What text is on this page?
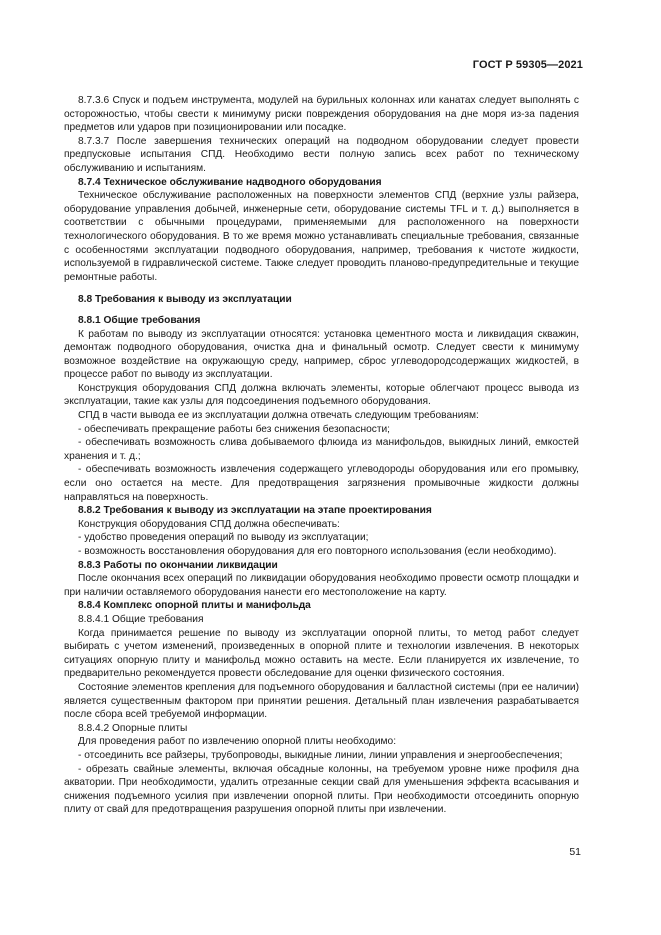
ГОСТ Р 59305—2021

8.7.3.6 Спуск и подъем инструмента, модулей на бурильных колоннах или канатах следует выполнять с осторожностью, чтобы свести к минимуму риски повреждения оборудования на дне моря из-за падения предметов или ударов при позиционировании или посадке.

8.7.3.7 После завершения технических операций на подводном оборудовании следует провести предпусковые испытания СПД. Необходимо вести полную запись всех работ по техническому обслуживанию и испытаниям.

8.7.4 Техническое обслуживание надводного оборудования

Техническое обслуживание расположенных на поверхности элементов СПД (верхние узлы райзера, оборудование управления добычей, инженерные сети, оборудование системы TFL и т. д.) выполняется в соответствии с обычными процедурами, применяемыми для расположенного на поверхности технологического оборудования. В то же время можно устанавливать специальные требования, связанные с особенностями эксплуатации подводного оборудования, например, требования к чистоте жидкости, используемой в гидравлической системе. Также следует проводить планово-предупредительные и текущие ремонтные работы.

8.8 Требования к выводу из эксплуатации

8.8.1 Общие требования

К работам по выводу из эксплуатации относятся: установка цементного моста и ликвидация скважин, демонтаж подводного оборудования, очистка дна и финальный осмотр. Следует свести к минимуму возможное воздействие на окружающую среду, например, сброс углеводородсодержащих жидкостей, в процессе работ по выводу из эксплуатации.

Конструкция оборудования СПД должна включать элементы, которые облегчают процесс вывода из эксплуатации, такие как узлы для подсоединения подъемного оборудования.

СПД в части вывода ее из эксплуатации должна отвечать следующим требованиям:

- обеспечивать прекращение работы без снижения безопасности;

- обеспечивать возможность слива добываемого флюида из манифольдов, выкидных линий, емкостей хранения и т. д.;

- обеспечивать возможность извлечения содержащего углеводороды оборудования или его промывку, если оно остается на месте. Для предотвращения загрязнения промывочные жидкости должны направляться на поверхность.

8.8.2 Требования к выводу из эксплуатации на этапе проектирования

Конструкция оборудования СПД должна обеспечивать:

- удобство проведения операций по выводу из эксплуатации;

- возможность восстановления оборудования для его повторного использования (если необходимо).

8.8.3 Работы по окончании ликвидации

После окончания всех операций по ликвидации оборудования необходимо провести осмотр площадки и при наличии оставляемого оборудования нанести его местоположение на карту.

8.8.4 Комплекс опорной плиты и манифольда

8.8.4.1 Общие требования

Когда принимается решение по выводу из эксплуатации опорной плиты, то метод работ следует выбирать с учетом изменений, произведенных в опорной плите и технологии извлечения. В некоторых ситуациях опорную плиту и манифольд можно оставить на месте. Если планируется их извлечение, то предварительно рекомендуется провести обследование для оценки физического состояния.

Состояние элементов крепления для подъемного оборудования и балластной системы (при ее наличии) является существенным фактором при принятии решения. Детальный план извлечения разрабатывается после сбора всей требуемой информации.

8.8.4.2 Опорные плиты

Для проведения работ по извлечению опорной плиты необходимо:

- отсоединить все райзеры, трубопроводы, выкидные линии, линии управления и энергообеспечения;

- обрезать свайные элементы, включая обсадные колонны, на требуемом уровне ниже профиля дна акватории. При необходимости, удалить отрезанные секции свай для уменьшения эффекта всасывания и снижения подъемного усилия при извлечении опорной плиты. При необходимости отсоединить опорную плиту от свай для предотвращения разрушения опорной плиты при извлечении.

51
